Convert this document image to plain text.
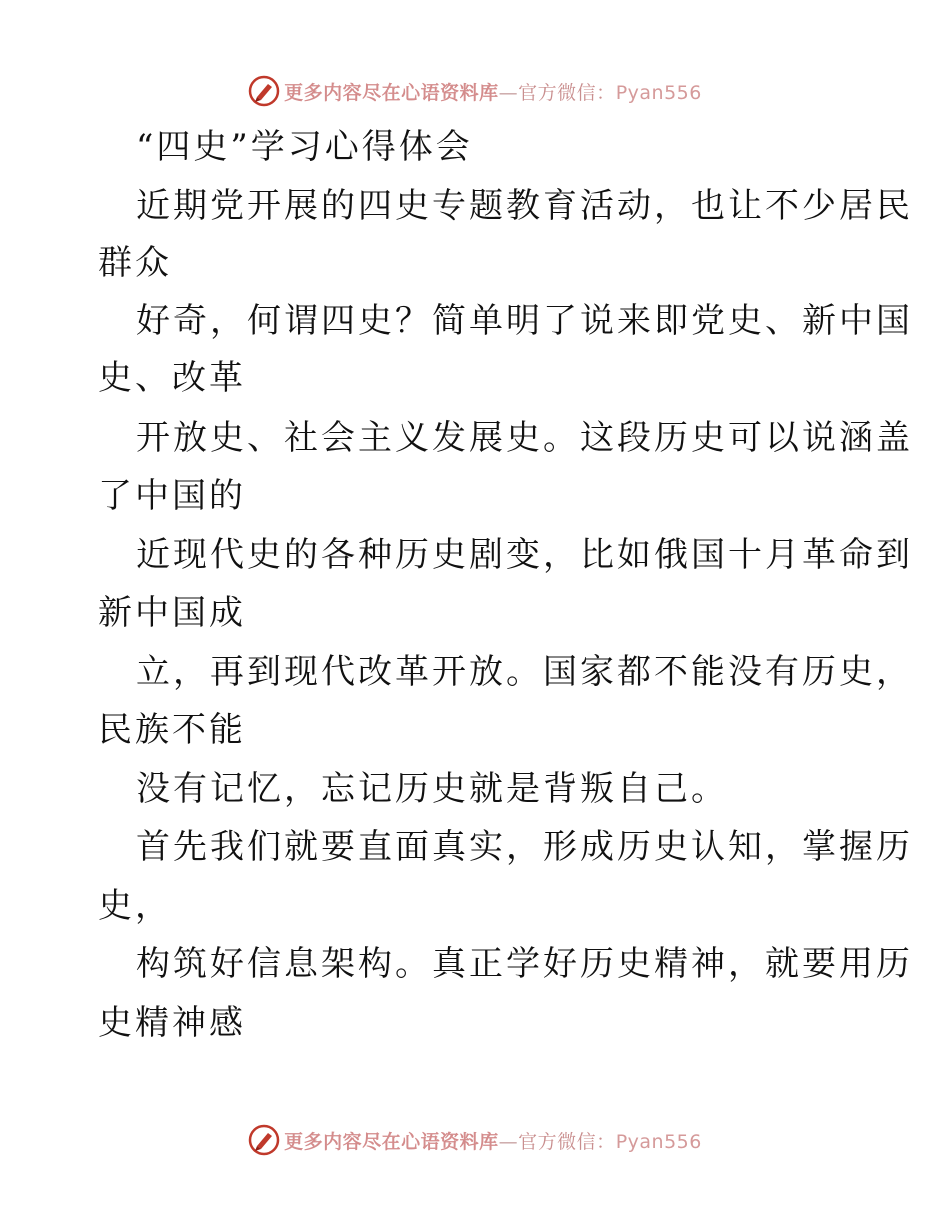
更多内容尽在心语资料库—官方微信：Pyan556
“四史”学习心得体会
近期党开展的四史专题教育活动，也让不少居民
群众
好奇，何谓四史？简单明了说来即党史、新中国
史、改革
开放史、社会主义发展史。这段历史可以说涵盖
了中国的
近现代史的各种历史剧变，比如俄国十月革命到
新中国成
立，再到现代改革开放。国家都不能没有历史，
民族不能
没有记忆，忘记历史就是背叛自己。
首先我们就要直面真实，形成历史认知，掌握历
史，
构筑好信息架构。真正学好历史精神，就要用历
史精神感
更多内容尽在心语资料库—官方微信：Pyan556
